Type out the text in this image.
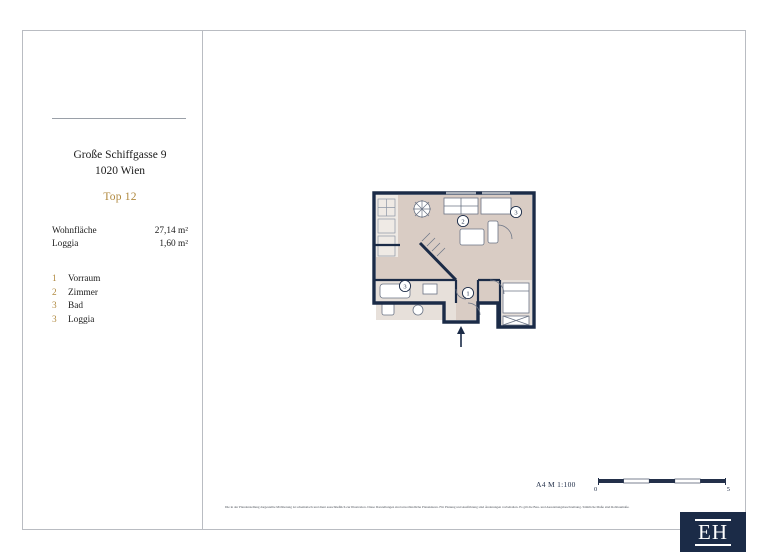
Große Schiffgasse 9
1020 Wien
Top 12
Wohnfläche	27,14 m²
Loggia	1,60 m²
1	Vorraum
2	Zimmer
3	Bad
3	Loggia
2
3
3
1
A4 M 1:100
0	5
Die in der Plandarstellung dargestellte Möblierung ist schematisch und dient ausschließlich zur Illustration. Diese Darstellungen sind unverbindliche Planskizzen. Für Planung und Ausführung sind Änderungen vorbehalten. Es gilt die Bau- und Ausstattungsbeschreibung. Sämtliche Maße sind Rohbaumaße.
EH
